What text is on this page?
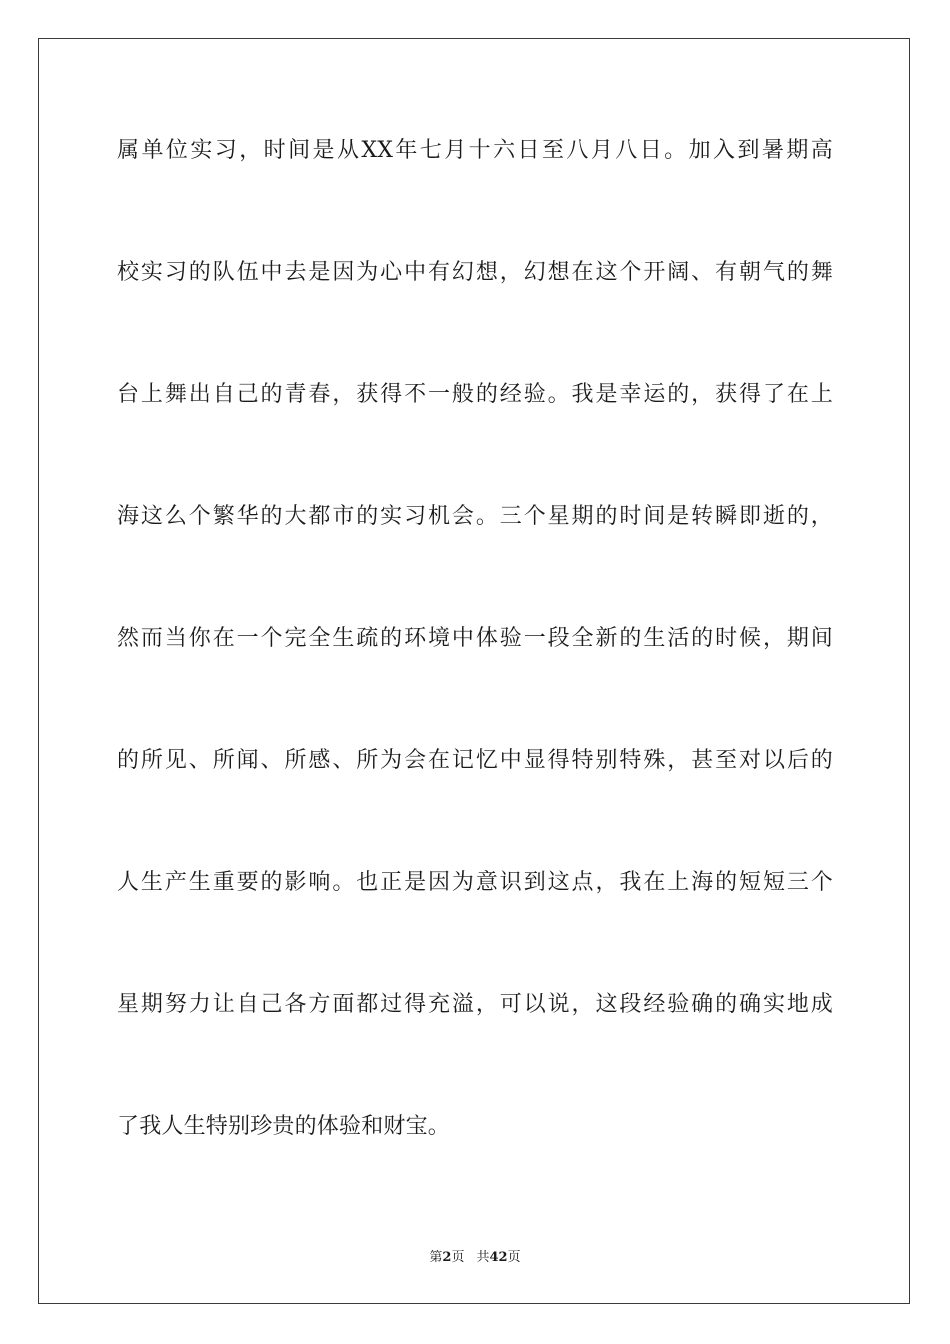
属单位实习，时间是从XX年七月十六日至八月八日。加入到暑期高
校实习的队伍中去是因为心中有幻想，幻想在这个开阔、有朝气的舞
台上舞出自己的青春，获得不一般的经验。我是幸运的，获得了在上
海这么个繁华的大都市的实习机会。三个星期的时间是转瞬即逝的，
然而当你在一个完全生疏的环境中体验一段全新的生活的时候，期间
的所见、所闻、所感、所为会在记忆中显得特别特殊，甚至对以后的
人生产生重要的影响。也正是因为意识到这点，我在上海的短短三个
星期努力让自己各方面都过得充溢，可以说，这段经验确的确实地成
了我人生特别珍贵的体验和财宝。
第2页 共42页
